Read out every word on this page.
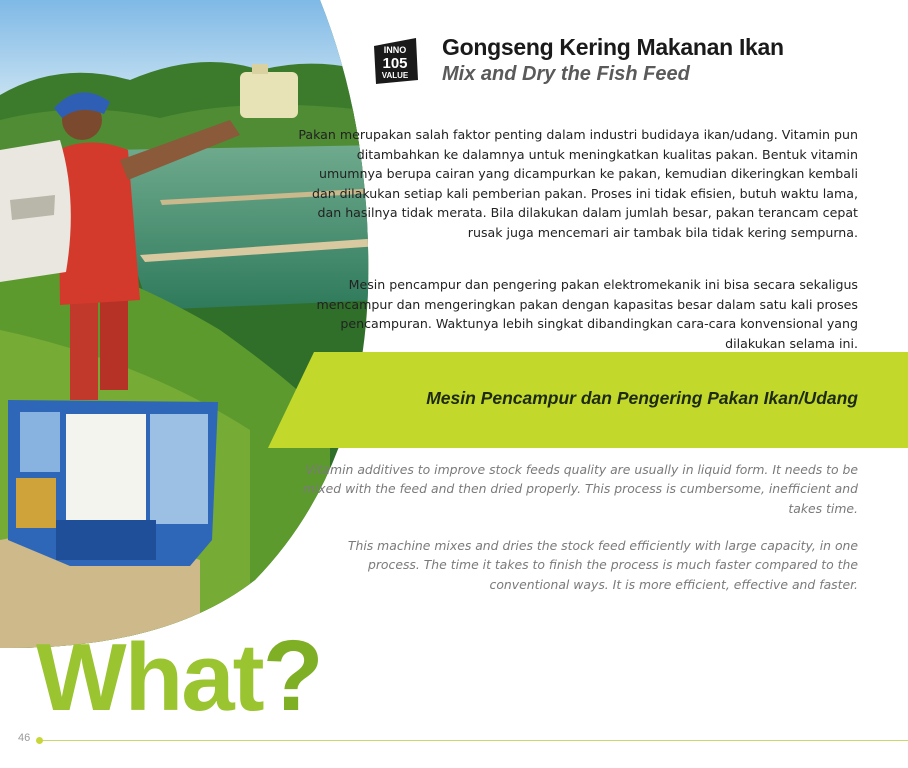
INNO
105
VALUE
Gongseng Kering Makanan Ikan
Mix and Dry the Fish Feed

Pakan merupakan salah faktor penting dalam industri budidaya ikan/udang. Vitamin pun ditambahkan ke dalamnya untuk meningkatkan kualitas pakan. Bentuk vitamin umumnya berupa cairan yang dicampurkan ke pakan, kemudian dikeringkan kembali dan dilakukan setiap kali pemberian pakan. Proses ini tidak efisien, butuh waktu lama, dan hasilnya tidak merata. Bila dilakukan dalam jumlah besar, pakan terancam cepat rusak juga mencemari air tambak bila tidak kering sempurna.

Mesin pencampur dan pengering pakan elektromekanik ini bisa secara sekaligus mencampur dan mengeringkan pakan dengan kapasitas besar dalam satu kali proses pencampuran. Waktunya lebih singkat dibandingkan cara-cara konvensional yang dilakukan selama ini.

Mesin Pencampur dan Pengering Pakan Ikan/Udang

Vitamin additives to improve stock feeds quality are usually in liquid form. It needs to be mixed with the feed and then dried properly. This process is cumbersome, inefficient and takes time.

This machine mixes and dries the stock feed efficiently with large capacity, in one process. The time it takes to finish the process is much faster compared to the conventional ways. It is more efficient, effective and faster.

What?
46
